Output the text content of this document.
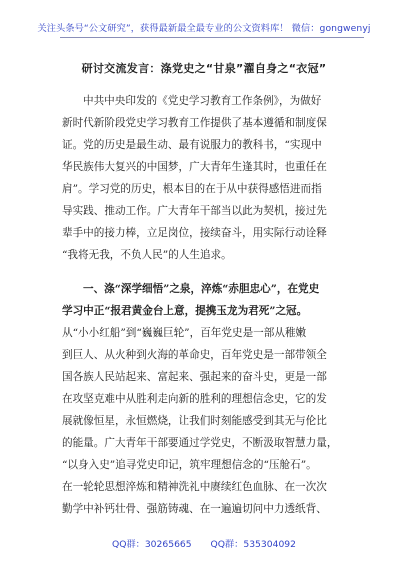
关注头条号“公文研究”，获得最新最全最专业的公文资料库！ 微信：gongwenyj
研讨交流发言：涤党史之“甘泉”濯自身之“衣冠”
中共中央印发的《党史学习教育工作条例》，为做好
新时代新阶段党史学习教育工作提供了基本遵循和制度保
证。党的历史是最生动、最有说服力的教科书，“实现中
华民族伟大复兴的中国梦，广大青年生逢其时，也重任在
肩”。学习党的历史，根本目的在于从中获得感悟进而指
导实践、推动工作。广大青年干部当以此为契机，接过先
辈手中的接力棒，立足岗位，接续奋斗，用实际行动诠释
“我将无我，不负人民”的人生追求。
一、涤“深学细悟”之泉，淬炼“赤胆忠心”，在党史
学习中正“报君黄金台上意，提携玉龙为君死”之冠。
从“小小红船”到“巍巍巨轮”，百年党史是一部从稚嫩
到巨人、从火种到火海的革命史，百年党史是一部带领全
国各族人民站起来、富起来、强起来的奋斗史，更是一部
在攻坚克难中从胜利走向新的胜利的理想信念史，它的发
展就像恒星，永恒燃烧，让我们时刻能感受到其无与伦比
的能量。广大青年干部要通过学党史，不断汲取智慧力量，
“以身入史”追寻党史印记，筑牢理想信念的“压舱石”。
在一轮轮思想淬炼和精神洗礼中赓续红色血脉、在一次次
勤学中补钙壮骨、强筋铸魂、在一遍遍切问中力透纸背、
QQ群：30265665 QQ群：535304092
